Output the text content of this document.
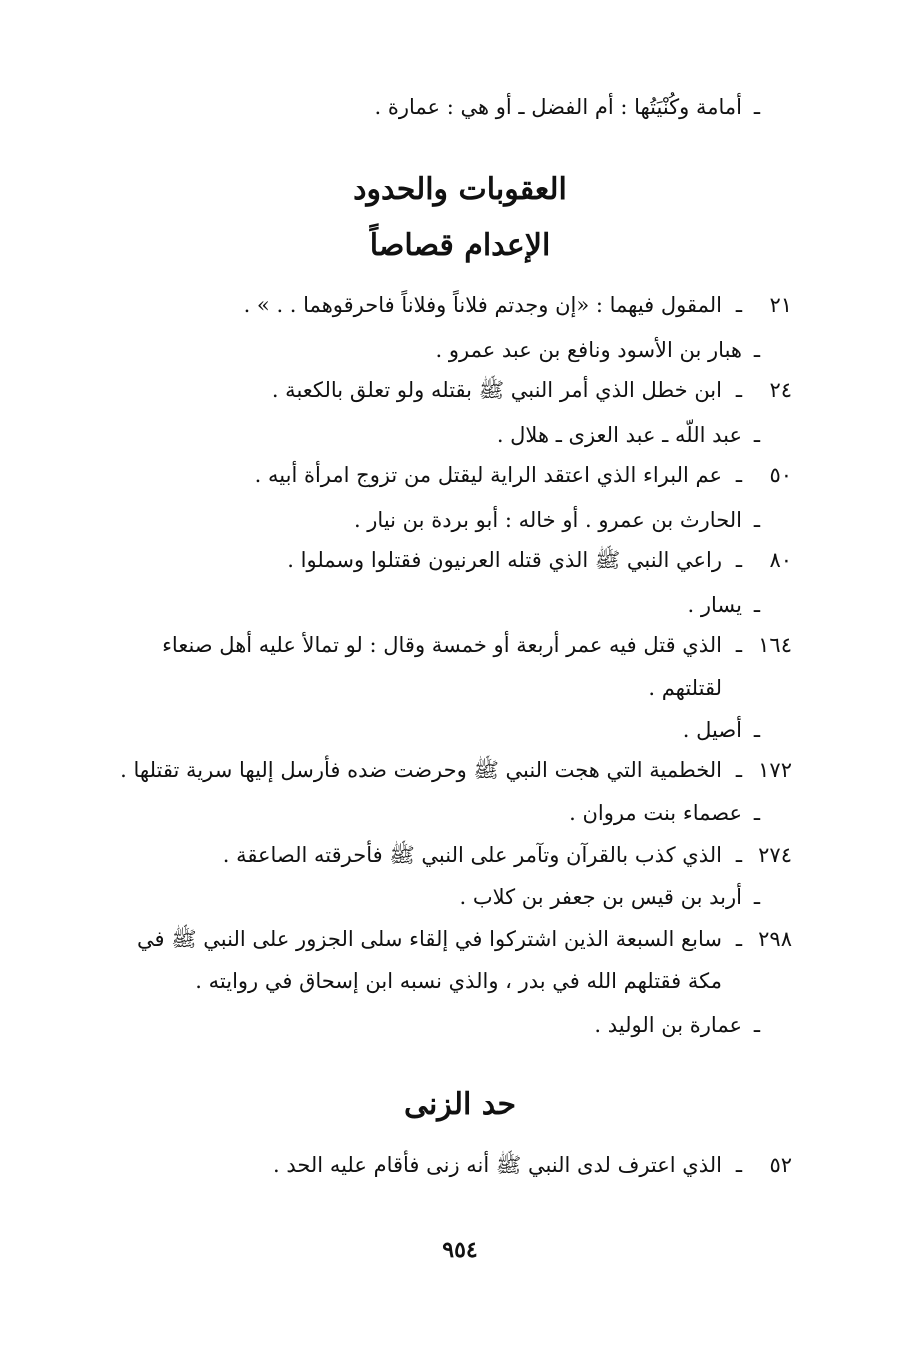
ـ
أمامة وكُنْيَتُها : أم الفضل ـ أو هي : عمارة .
العقوبات والحدود
الإعدام قصاصاً
٢١
ـ
المقول فيهما : «إن وجدتم فلاناً وفلاناً فاحرقوهما . . » .
ـ
هبار بن الأسود ونافع بن عبد عمرو .
٢٤
ـ
ابن خطل الذي أمر النبي ﷺ بقتله ولو تعلق بالكعبة .
ـ
عبد اللّه ـ عبد العزى ـ هلال .
٥٠
ـ
عم البراء الذي اعتقد الراية ليقتل من تزوج امرأة أبيه .
ـ
الحارث بن عمرو . أو خاله : أبو بردة بن نيار .
٨٠
ـ
راعي النبي ﷺ الذي قتله العرنيون فقتلوا وسملوا .
ـ
يسار .
١٦٤
ـ
الذي قتل فيه عمر أربعة أو خمسة وقال : لو تمالأ عليه أهل صنعاء
لقتلتهم .
ـ
أصيل .
١٧٢
ـ
الخطمية التي هجت النبي ﷺ وحرضت ضده فأرسل إليها سرية تقتلها .
ـ
عصماء بنت مروان .
٢٧٤
ـ
الذي كذب بالقرآن وتآمر على النبي ﷺ فأحرقته الصاعقة .
ـ
أربد بن قيس بن جعفر بن كلاب .
٢٩٨
ـ
سابع السبعة الذين اشتركوا في إلقاء سلى الجزور على النبي ﷺ في
مكة فقتلهم الله في بدر ، والذي نسبه ابن إسحاق في روايته .
ـ
عمارة بن الوليد .
حد الزنى
٥٢
ـ
الذي اعترف لدى النبي ﷺ أنه زنى فأقام عليه الحد .
٩٥٤
